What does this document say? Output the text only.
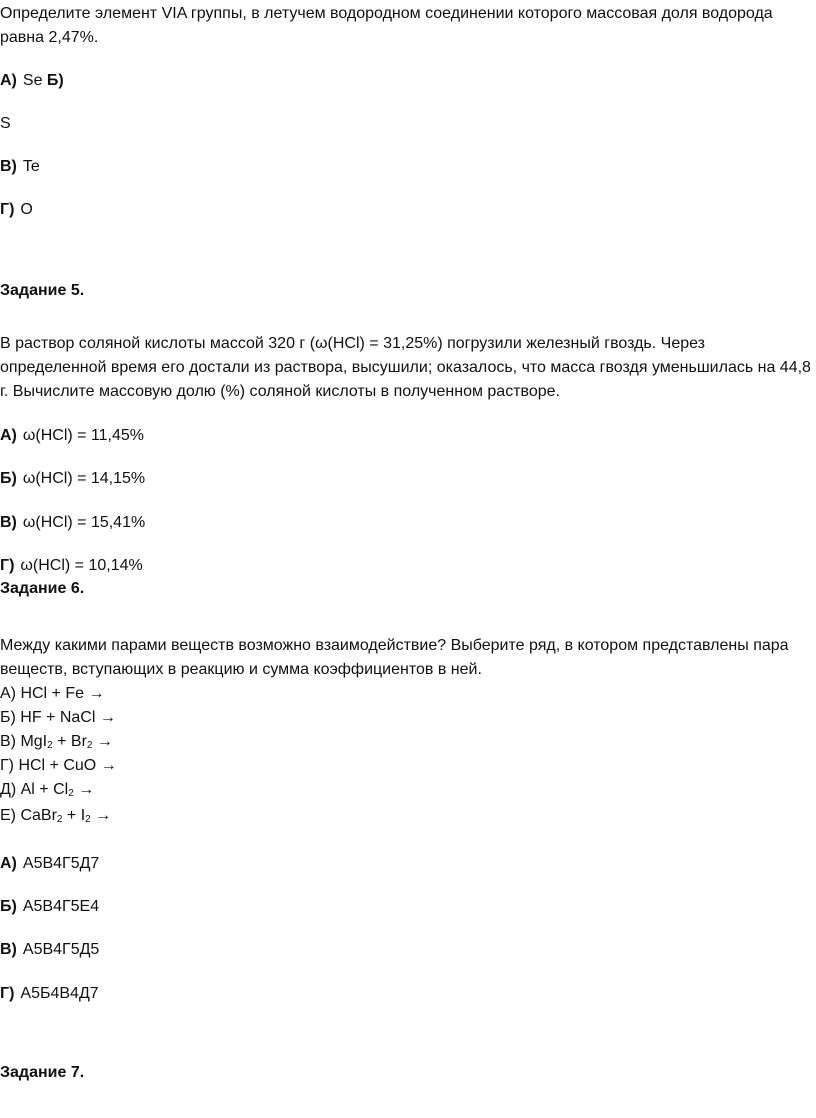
Определите элемент VIA группы, в летучем водородном соединении которого массовая доля водорода
равна 2,47%.
А) Se Б)
S
В) Te
Г) O
Задание 5.
В раствор соляной кислоты массой 320 г (ω(HCl) = 31,25%) погрузили железный гвоздь. Через
определенной время его достали из раствора, высушили; оказалось, что масса гвоздя уменьшилась на 44,8
г. Вычислите массовую долю (%) соляной кислоты в полученном растворе.
А) ω(HCl) = 11,45%
Б) ω(HCl) = 14,15%
В) ω(HCl) = 15,41%
Г) ω(HCl) = 10,14%
Задание 6.
Между какими парами веществ возможно взаимодействие? Выберите ряд, в котором представлены пара
веществ, вступающих в реакцию и сумма коэффициентов в ней.
А) HCl + Fe →
Б) HF + NaCl →
В) $MgI_2 + Br_2$ →
Г) HCl + CuO →
Д) $Al + Cl_2$ →
Е) CaBr$_2$ + $I_2$ →
А) А5В4Г5Д7
Б) А5В4Г5Е4
В) А5В4Г5Д5
Г) А5Б4В4Д7
Задание 7.
